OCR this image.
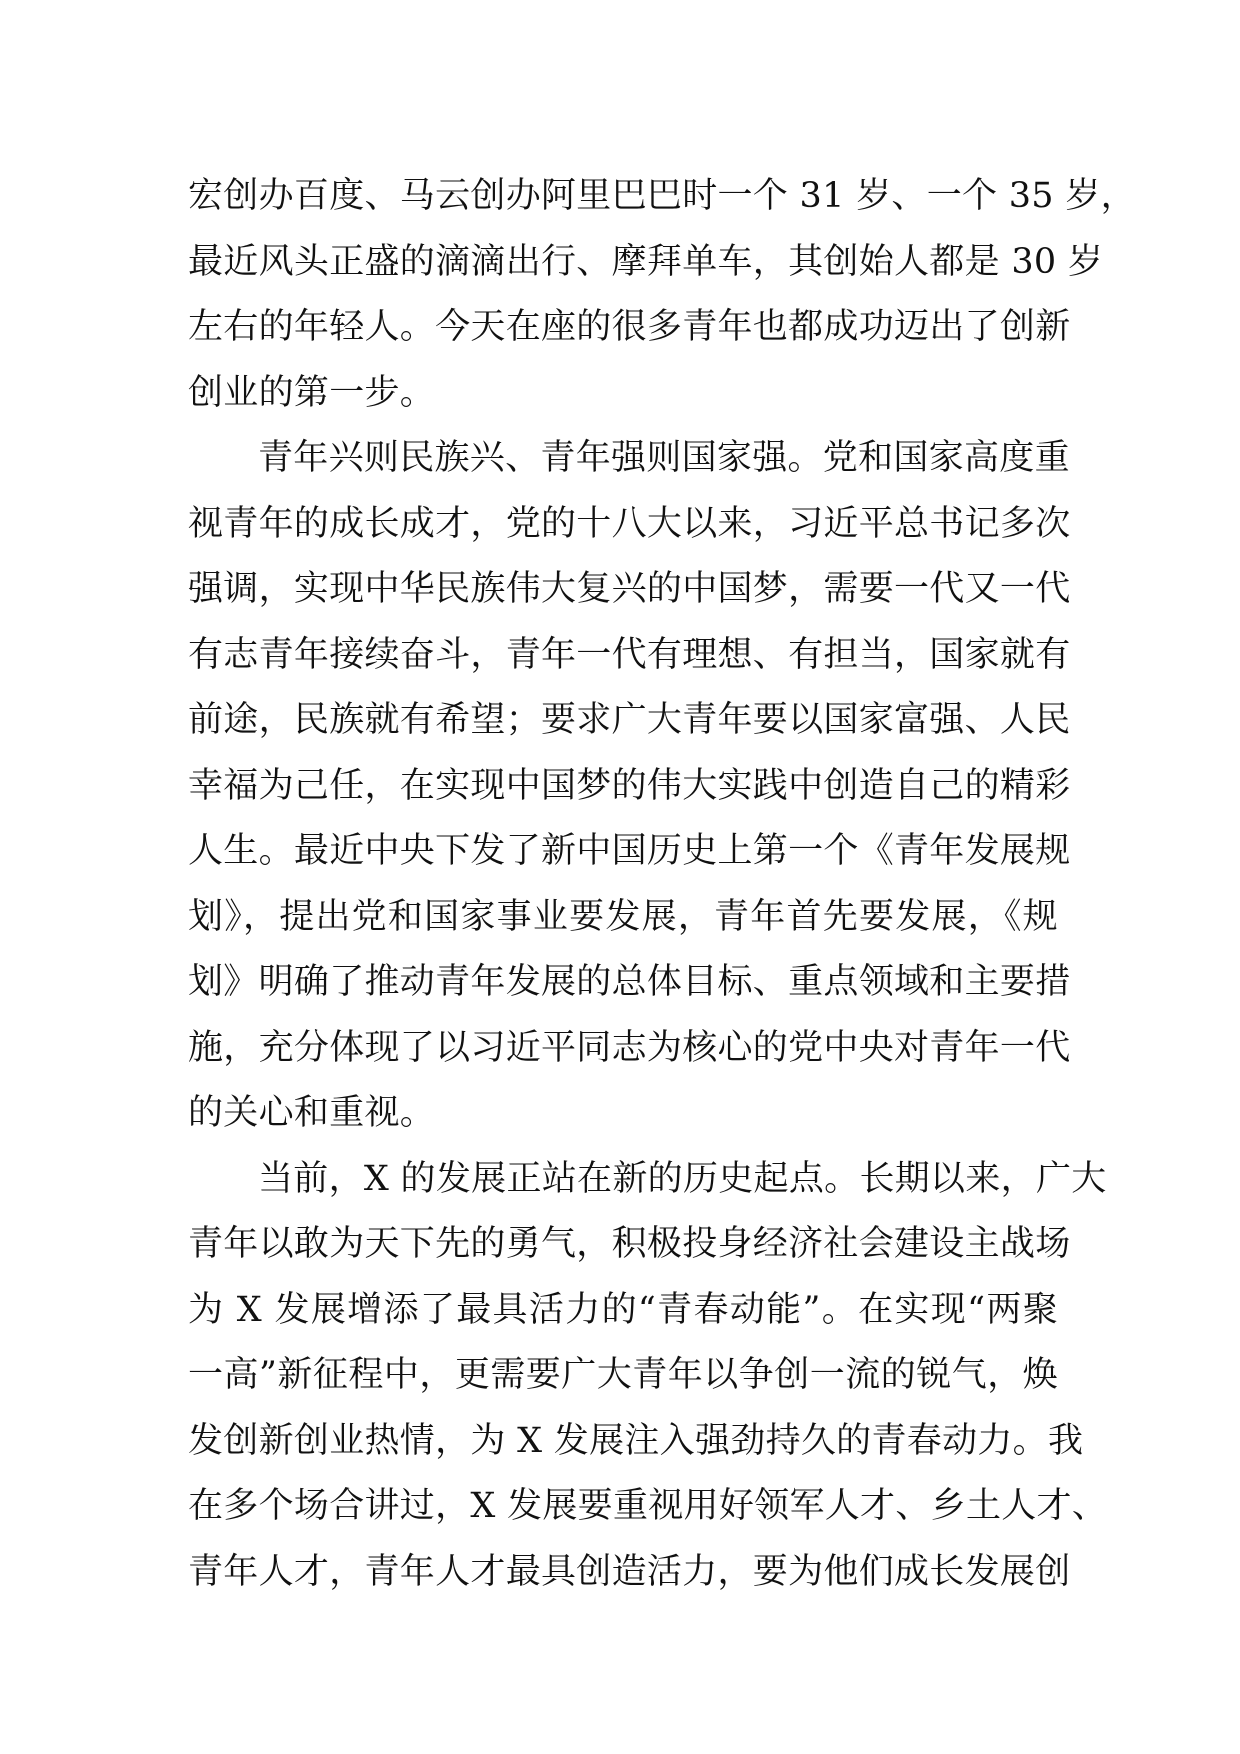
宏创办百度、马云创办阿里巴巴时一个 31 岁、一个 35 岁，
最近风头正盛的滴滴出行、摩拜单车，其创始人都是 30 岁
左右的年轻人。今天在座的很多青年也都成功迈出了创新
创业的第一步。
青年兴则民族兴、青年强则国家强。党和国家高度重
视青年的成长成才，党的十八大以来，习近平总书记多次
强调，实现中华民族伟大复兴的中国梦，需要一代又一代
有志青年接续奋斗，青年一代有理想、有担当，国家就有
前途，民族就有希望；要求广大青年要以国家富强、人民
幸福为己任，在实现中国梦的伟大实践中创造自己的精彩
人生。最近中央下发了新中国历史上第一个《青年发展规
划》，提出党和国家事业要发展，青年首先要发展，《规
划》明确了推动青年发展的总体目标、重点领域和主要措
施，充分体现了以习近平同志为核心的党中央对青年一代
的关心和重视。
当前，X 的发展正站在新的历史起点。长期以来，广大
青年以敢为天下先的勇气，积极投身经济社会建设主战场
为 X 发展增添了最具活力的“青春动能”。在实现“两聚
一高”新征程中，更需要广大青年以争创一流的锐气，焕
发创新创业热情，为 X 发展注入强劲持久的青春动力。我
在多个场合讲过，X 发展要重视用好领军人才、乡土人才、
青年人才，青年人才最具创造活力，要为他们成长发展创
